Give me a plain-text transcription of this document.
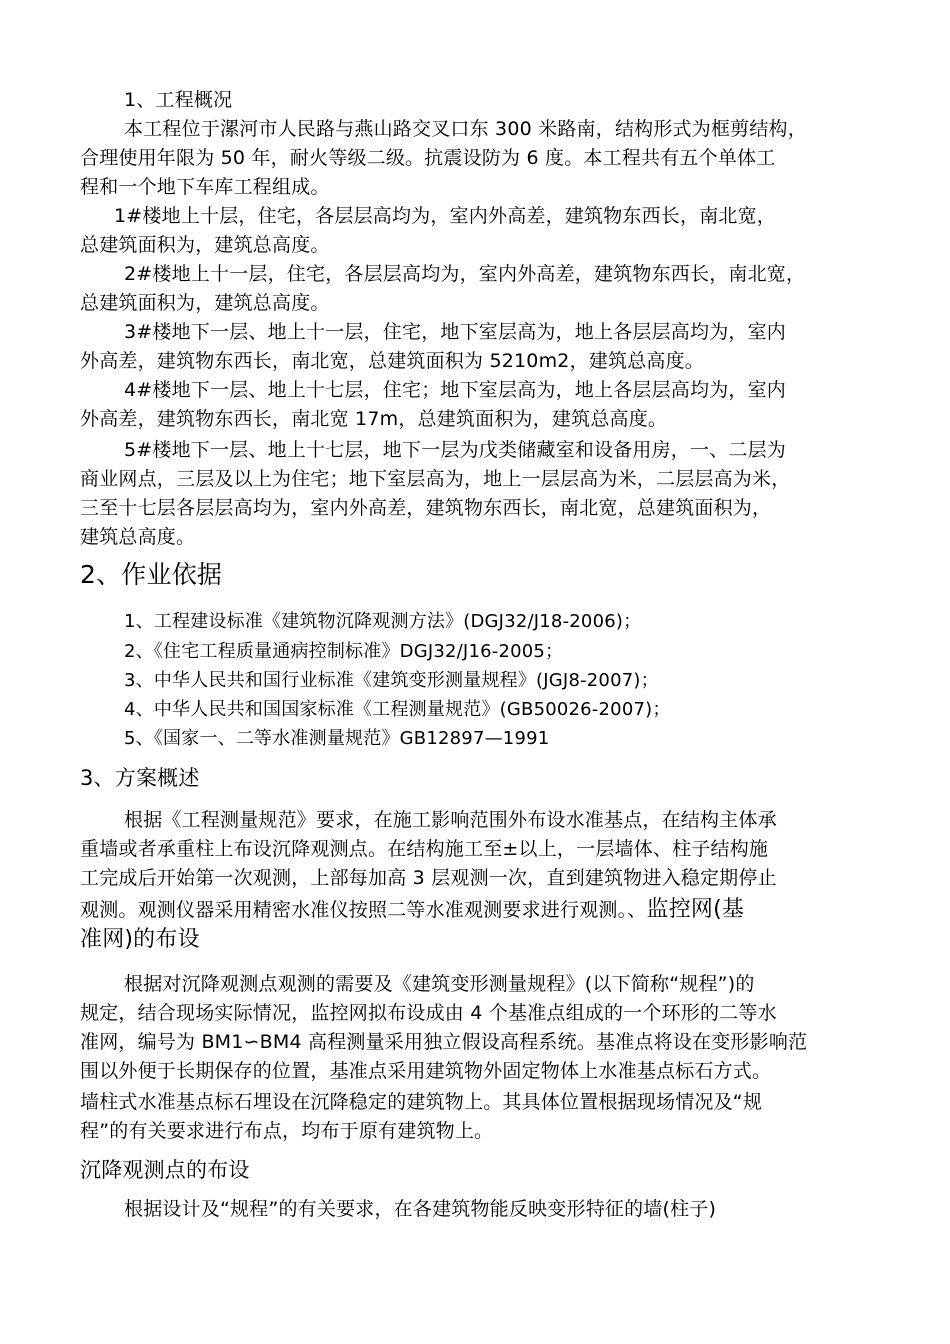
1、工程概况
本工程位于漯河市人民路与燕山路交叉口东 300 米路南，结构形式为框剪结构，
合理使用年限为 50 年，耐火等级二级。抗震设防为 6 度。本工程共有五个单体工
程和一个地下车库工程组成。
1#楼地上十层，住宅，各层层高均为，室内外高差，建筑物东西长，南北宽，
总建筑面积为，建筑总高度。
2#楼地上十一层，住宅，各层层高均为，室内外高差，建筑物东西长，南北宽，
总建筑面积为，建筑总高度。
3#楼地下一层、地上十一层，住宅，地下室层高为，地上各层层高均为，室内
外高差，建筑物东西长，南北宽，总建筑面积为 5210m2，建筑总高度。
4#楼地下一层、地上十七层，住宅；地下室层高为，地上各层层高均为，室内
外高差，建筑物东西长，南北宽 17m，总建筑面积为，建筑总高度。
5#楼地下一层、地上十七层，地下一层为戊类储藏室和设备用房，一、二层为
商业网点，三层及以上为住宅；地下室层高为，地上一层层高为米，二层层高为米，
三至十七层各层层高均为，室内外高差，建筑物东西长，南北宽，总建筑面积为，
建筑总高度。
2、作业依据
1、工程建设标准《建筑物沉降观测方法》(DGJ32/J18-2006)；
2、《住宅工程质量通病控制标准》DGJ32/J16-2005；
3、中华人民共和国行业标准《建筑变形测量规程》(JGJ8-2007)；
4、中华人民共和国国家标准《工程测量规范》(GB50026-2007)；
5、《国家一、二等水准测量规范》GB12897—1991
3、方案概述
根据《工程测量规范》要求，在施工影响范围外布设水准基点，在结构主体承
重墙或者承重柱上布设沉降观测点。在结构施工至±以上，一层墙体、柱子结构施
工完成后开始第一次观测，上部每加高 3 层观测一次，直到建筑物进入稳定期停止
观测。观测仪器采用精密水准仪按照二等水准观测要求进行观测。、监控网(基
准网)的布设
根据对沉降观测点观测的需要及《建筑变形测量规程》(以下简称“规程”)的
规定，结合现场实际情况，监控网拟布设成由 4 个基准点组成的一个环形的二等水
准网，编号为 BM1∽BM4 高程测量采用独立假设高程系统。基准点将设在变形影响范
围以外便于长期保存的位置，基准点采用建筑物外固定物体上水准基点标石方式。
墙柱式水准基点标石埋设在沉降稳定的建筑物上。其具体位置根据现场情况及“规
程”的有关要求进行布点，均布于原有建筑物上。
沉降观测点的布设
根据设计及“规程”的有关要求，在各建筑物能反映变形特征的墙(柱子)
